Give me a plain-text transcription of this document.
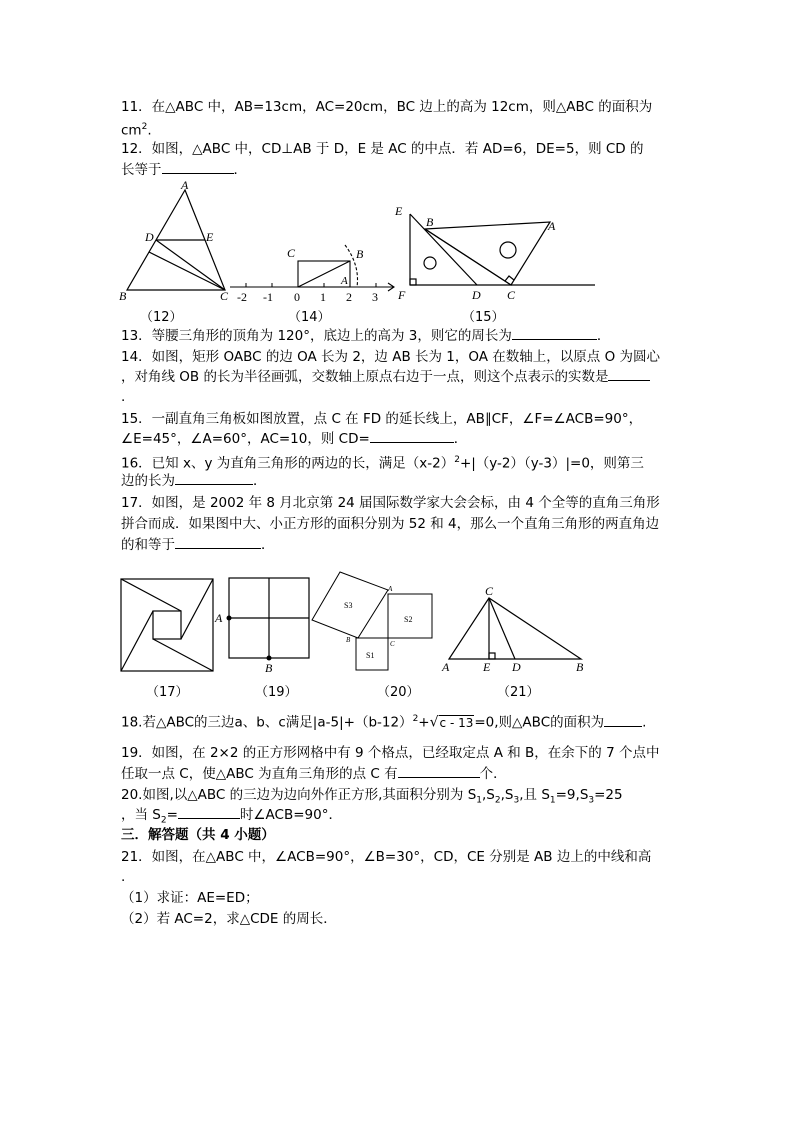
11．在△ABC 中，AB=13cm，AC=20cm，BC 边上的高为 12cm，则△ABC 的面积为
$cm^2$.
12．如图，△ABC 中，CD⊥AB 于 D，E 是 AC 的中点．若 AD=6，DE=5，则 CD 的
长等于	．
A
D	E
B	C
C	B
A
-2 -1 0 1 2 3
E
B	A
F	D C
（12）	（14）	（15）
13．等腰三角形的顶角为 120°，底边上的高为 3，则它的周长为	．
14．如图，矩形 OABC 的边 OA 长为 2，边 AB 长为 1，OA 在数轴上，以原点 O 为圆心
，对角线 OB 的长为半径画弧，交数轴上原点右边于一点，则这个点表示的实数是
.
15．一副直角三角板如图放置，点 C 在 FD 的延长线上，AB∥CF，∠F=∠ACB=90°，
∠E=45°，∠A=60°，AC=10，则 CD=	．
16．已知 x、y 为直角三角形的两边的长，满足$(x-2)^2+|(y-2)(y-3)|=0$，则第三
边的长为	．
17．如图，是 2002 年 8 月北京第 24 届国际数学家大会会标，由 4 个全等的直角三角形
拼合而成．如果图中大、小正方形的面积分别为 52 和 4，那么一个直角三角形的两直角边
的和等于	．
A
B
S3
S2
S1
A
B	C
C
A	E D	B
（17）	（19）	（20）	（21）
18.若△ABC的三边a、b、c满足$|a-5|+(b-12)^2+√c - 13=0$,则△ABC的面积为	.
19．如图，在 2×2 的正方形网格中有 9 个格点，已经取定点 A 和 B，在余下的 7 个点中
任取一点 C，使△ABC 为直角三角形的点 C 有	个．
20.如图,以△ABC 的三边为边向外作正方形,其面积分别为 $S_1,S_2,S_3$,且 $S_1=9,S_3=25$
，当 $S_2=$	时∠ACB=90°．
三．解答题（共 4 小题）
21．如图，在△ABC 中，∠ACB=90°，∠B=30°，CD，CE 分别是 AB 边上的中线和高
.
（1）求证：AE=ED；
（2）若 AC=2，求△CDE 的周长．
